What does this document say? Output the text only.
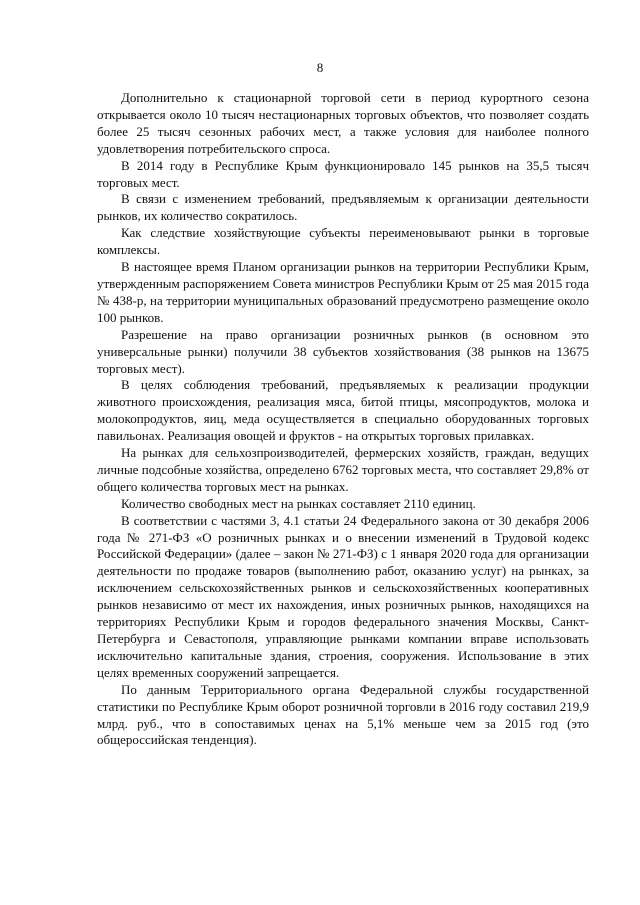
8

Дополнительно к стационарной торговой сети в период курортного сезона открывается около 10 тысяч нестационарных торговых объектов, что позволяет создать более 25 тысяч сезонных рабочих мест, а также условия для наиболее полного удовлетворения потребительского спроса.

В 2014 году в Республике Крым функционировало 145 рынков на 35,5 тысяч торговых мест.

В связи с изменением требований, предъявляемым к организации деятельности рынков, их количество сократилось.

Как следствие хозяйствующие субъекты переименовывают рынки в торговые комплексы.

В настоящее время Планом организации рынков на территории Республики Крым, утвержденным распоряжением Совета министров Республики Крым от 25 мая 2015 года № 438-р, на территории муниципальных образований предусмотрено размещение около 100 рынков.

Разрешение на право организации розничных рынков (в основном это универсальные рынки) получили 38 субъектов хозяйствования (38 рынков на 13675 торговых мест).

В целях соблюдения требований, предъявляемых к реализации продукции животного происхождения, реализация мяса, битой птицы, мясопродуктов, молока и молокопродуктов, яиц, меда осуществляется в специально оборудованных торговых павильонах. Реализация овощей и фруктов - на открытых торговых прилавках.

На рынках для сельхозпроизводителей, фермерских хозяйств, граждан, ведущих личные подсобные хозяйства, определено 6762 торговых места, что составляет 29,8% от общего количества торговых мест на рынках.

Количество свободных мест на рынках составляет 2110 единиц.

В соответствии с частями 3, 4.1 статьи 24 Федерального закона от 30 декабря 2006 года № 271-ФЗ «О розничных рынках и о внесении изменений в Трудовой кодекс Российской Федерации» (далее – закон № 271-ФЗ) с 1 января 2020 года для организации деятельности по продаже товаров (выполнению работ, оказанию услуг) на рынках, за исключением сельскохозяйственных рынков и сельскохозяйственных кооперативных рынков независимо от мест их нахождения, иных розничных рынков, находящихся на территориях Республики Крым и городов федерального значения Москвы, Санкт-Петербурга и Севастополя, управляющие рынками компании вправе использовать исключительно капитальные здания, строения, сооружения. Использование в этих целях временных сооружений запрещается.

По данным Территориального органа Федеральной службы государственной статистики по Республике Крым оборот розничной торговли в 2016 году составил 219,9 млрд. руб., что в сопоставимых ценах на 5,1% меньше чем за 2015 год (это общероссийская тенденция).
